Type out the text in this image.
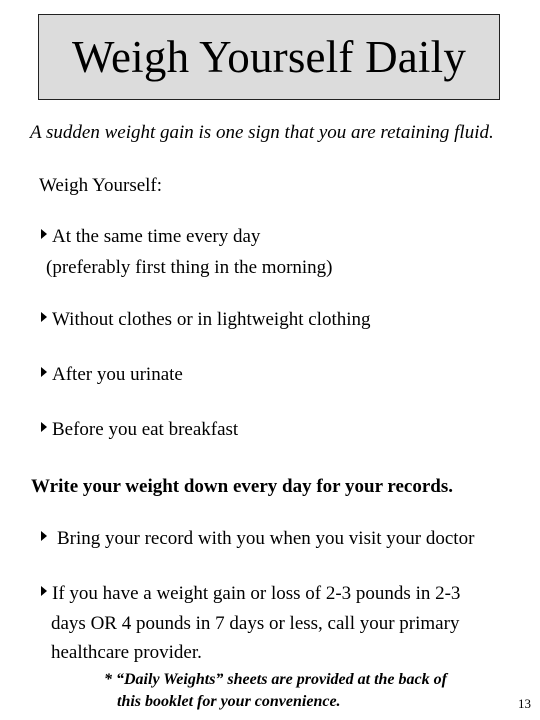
Weigh Yourself Daily
A sudden weight gain is one sign that you are retaining fluid.
Weigh Yourself:
At the same time every day
(preferably first thing in the morning)
Without clothes or in lightweight clothing
After you urinate
Before you eat breakfast
Write your weight down every day for your records.
Bring your record with you when you visit your doctor
If you have a weight gain or loss of 2-3 pounds in 2-3
days OR 4 pounds in 7 days or less, call your primary
healthcare provider.
* “Daily Weights” sheets are provided at the back of
this booklet for your convenience.	13
